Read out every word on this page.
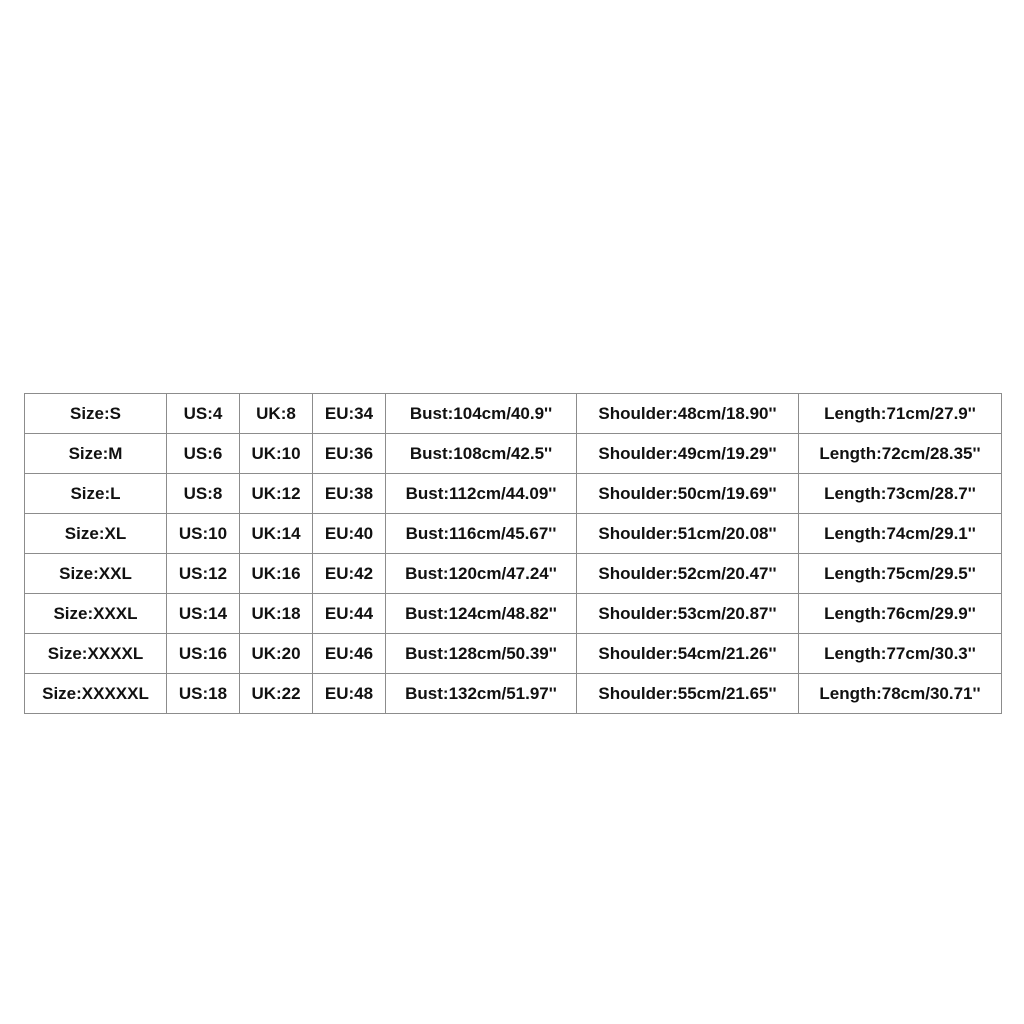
Size:S	US:4	UK:8	EU:34	Bust:104cm/40.9''	Shoulder:48cm/18.90''	Length:71cm/27.9''
Size:M	US:6	UK:10	EU:36	Bust:108cm/42.5''	Shoulder:49cm/19.29''	Length:72cm/28.35''
Size:L	US:8	UK:12	EU:38	Bust:112cm/44.09''	Shoulder:50cm/19.69''	Length:73cm/28.7''
Size:XL	US:10	UK:14	EU:40	Bust:116cm/45.67''	Shoulder:51cm/20.08''	Length:74cm/29.1''
Size:XXL	US:12	UK:16	EU:42	Bust:120cm/47.24''	Shoulder:52cm/20.47''	Length:75cm/29.5''
Size:XXXL	US:14	UK:18	EU:44	Bust:124cm/48.82''	Shoulder:53cm/20.87''	Length:76cm/29.9''
Size:XXXXL	US:16	UK:20	EU:46	Bust:128cm/50.39''	Shoulder:54cm/21.26''	Length:77cm/30.3''
Size:XXXXXL	US:18	UK:22	EU:48	Bust:132cm/51.97''	Shoulder:55cm/21.65''	Length:78cm/30.71''
